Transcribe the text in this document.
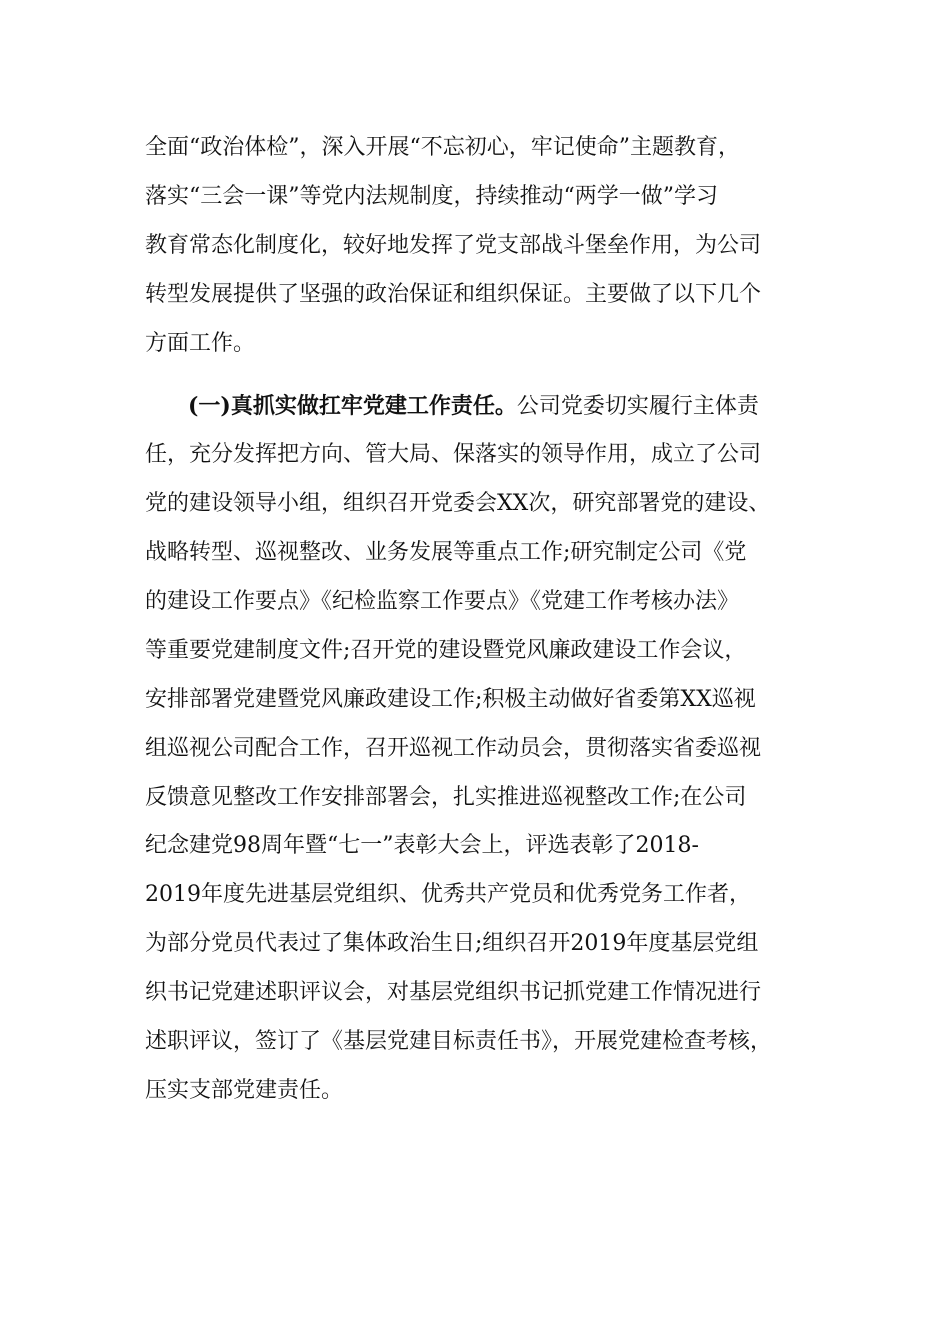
全面“政治体检”，深入开展“不忘初心，牢记使命”主题教育，
落实“三会一课”等党内法规制度，持续推动“两学一做”学习
教育常态化制度化，较好地发挥了党支部战斗堡垒作用，为公司
转型发展提供了坚强的政治保证和组织保证。主要做了以下几个
方面工作。
(一)真抓实做扛牢党建工作责任。公司党委切实履行主体责
任，充分发挥把方向、管大局、保落实的领导作用，成立了公司
党的建设领导小组，组织召开党委会XX次，研究部署党的建设、
战略转型、巡视整改、业务发展等重点工作;研究制定公司《党
的建设工作要点》《纪检监察工作要点》《党建工作考核办法》
等重要党建制度文件;召开党的建设暨党风廉政建设工作会议，
安排部署党建暨党风廉政建设工作;积极主动做好省委第XX巡视
组巡视公司配合工作，召开巡视工作动员会，贯彻落实省委巡视
反馈意见整改工作安排部署会，扎实推进巡视整改工作;在公司
纪念建党98周年暨“七一”表彰大会上，评选表彰了2018-
2019年度先进基层党组织、优秀共产党员和优秀党务工作者，
为部分党员代表过了集体政治生日;组织召开2019年度基层党组
织书记党建述职评议会，对基层党组织书记抓党建工作情况进行
述职评议，签订了《基层党建目标责任书》，开展党建检查考核，
压实支部党建责任。
